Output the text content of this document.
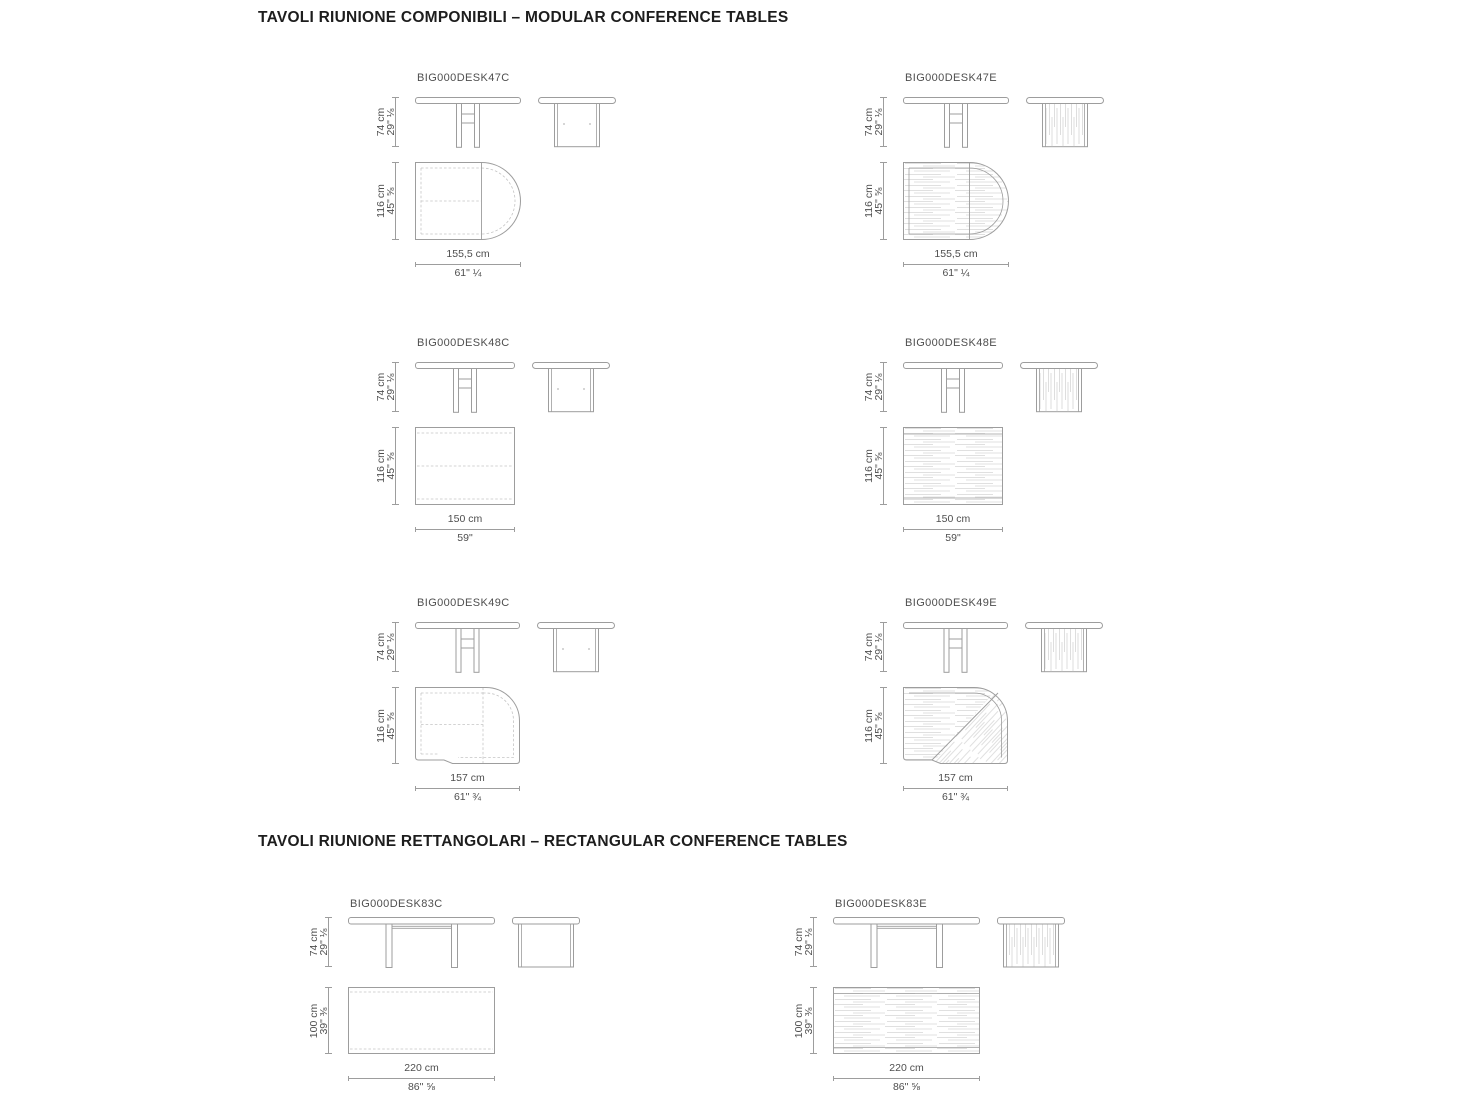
TAVOLI RIUNIONE COMPONIBILI – MODULAR CONFERENCE TABLES
TAVOLI RIUNIONE RETTANGOLARI – RECTANGULAR CONFERENCE TABLES
BIG000DESK47C
74 cm
29" ⅛
116 cm
45" ⅝
155,5 cm
61" ¼
BIG000DESK47E
74 cm
29" ⅛
116 cm
45" ⅝
155,5 cm
61" ¼
BIG000DESK48C
74 cm
29" ⅛
116 cm
45" ⅝
150 cm
59"
BIG000DESK48E
74 cm
29" ⅛
116 cm
45" ⅝
150 cm
59"
BIG000DESK49C
74 cm
29" ⅛
116 cm
45" ⅝
157 cm
61" ¾
BIG000DESK49E
74 cm
29" ⅛
116 cm
45" ⅝
157 cm
61" ¾
BIG000DESK83C
74 cm
29" ⅛
100 cm
39" ⅜
220 cm
86" ⅝
BIG000DESK83E
74 cm
29" ⅛
100 cm
39" ⅜
220 cm
86" ⅝
